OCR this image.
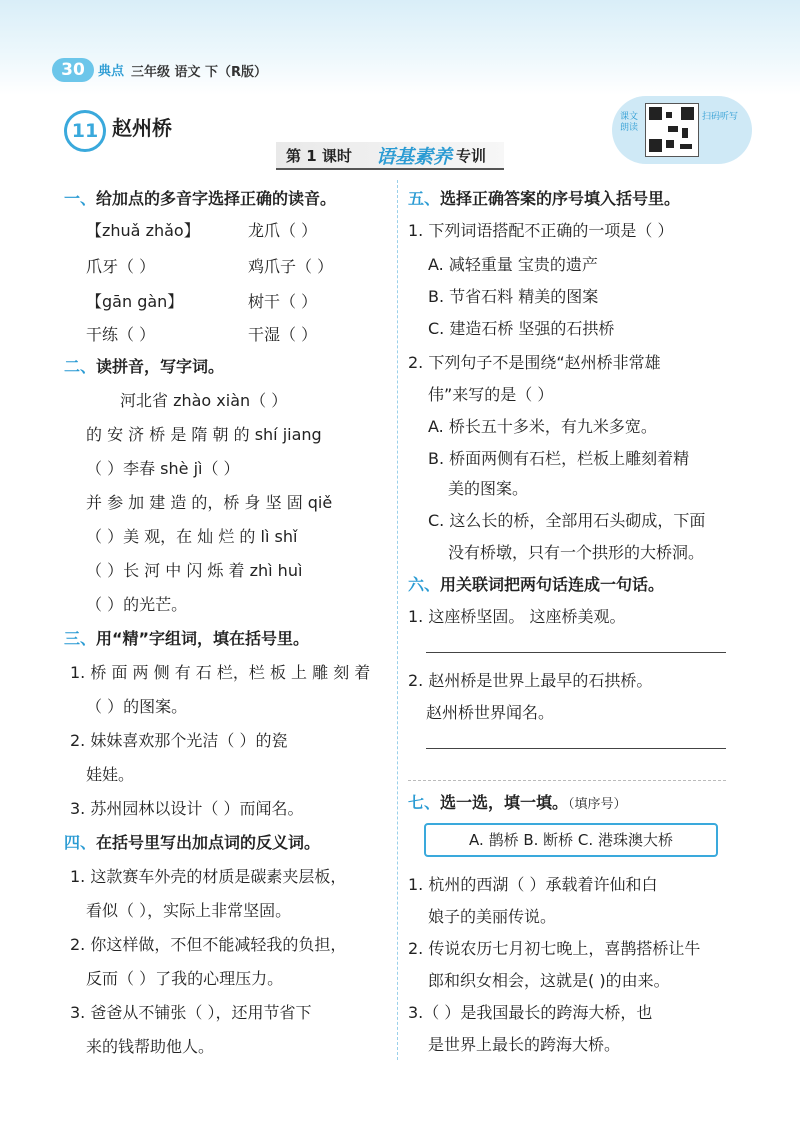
30	典点 三年级 语文 下（R版）
11 赵州桥
第 1 课时 语基素养 专训
课文朗读
扫码听写
一、给加点的多音字选择正确的读音。
【zhuǎ zhǎo】	龙爪（ ）
爪牙（ ）	鸡爪子（ ）
【gān gàn】	树干（ ）
干练（ ）	干湿（ ）
二、读拼音，写字词。
河北省 zhào xiàn（ ）
的 安 济 桥 是 隋 朝 的 shí jiang
（ ）李春 shè jì（ ）
并 参 加 建 造 的，桥 身 坚 固 qiě
（ ）美 观，在 灿 烂 的 lì shǐ
（ ）长 河 中 闪 烁 着 zhì huì
（ ）的光芒。
三、用“精”字组词，填在括号里。
1. 桥 面 两 侧 有 石 栏，栏 板 上 雕 刻 着
（ ）的图案。
2. 妹妹喜欢那个光洁（ ）的瓷
娃娃。
3. 苏州园林以设计（ ）而闻名。
四、在括号里写出加点词的反义词。
1. 这款赛车外壳的材质是碳素夹层板，
看似（ ），实际上非常坚固。
2. 你这样做，不但不能减轻我的负担，
反而（ ）了我的心理压力。
3. 爸爸从不铺张（ ），还用节省下
来的钱帮助他人。
五、选择正确答案的序号填入括号里。
1. 下列词语搭配不正确的一项是（ ）
A. 减轻重量 宝贵的遗产
B. 节省石料 精美的图案
C. 建造石桥 坚强的石拱桥
2. 下列句子不是围绕“赵州桥非常雄
伟”来写的是（ ）
A. 桥长五十多米，有九米多宽。
B. 桥面两侧有石栏，栏板上雕刻着精
美的图案。
C. 这么长的桥，全部用石头砌成，下面
没有桥墩，只有一个拱形的大桥洞。
六、用关联词把两句话连成一句话。
1. 这座桥坚固。 这座桥美观。
2. 赵州桥是世界上最早的石拱桥。
赵州桥世界闻名。
七、选一选，填一填。（填序号）
A. 鹊桥 B. 断桥 C. 港珠澳大桥
1. 杭州的西湖（ ）承载着许仙和白
娘子的美丽传说。
2. 传说农历七月初七晚上，喜鹊搭桥让牛
郎和织女相会，这就是( )的由来。
3.（ ）是我国最长的跨海大桥，也
是世界上最长的跨海大桥。
